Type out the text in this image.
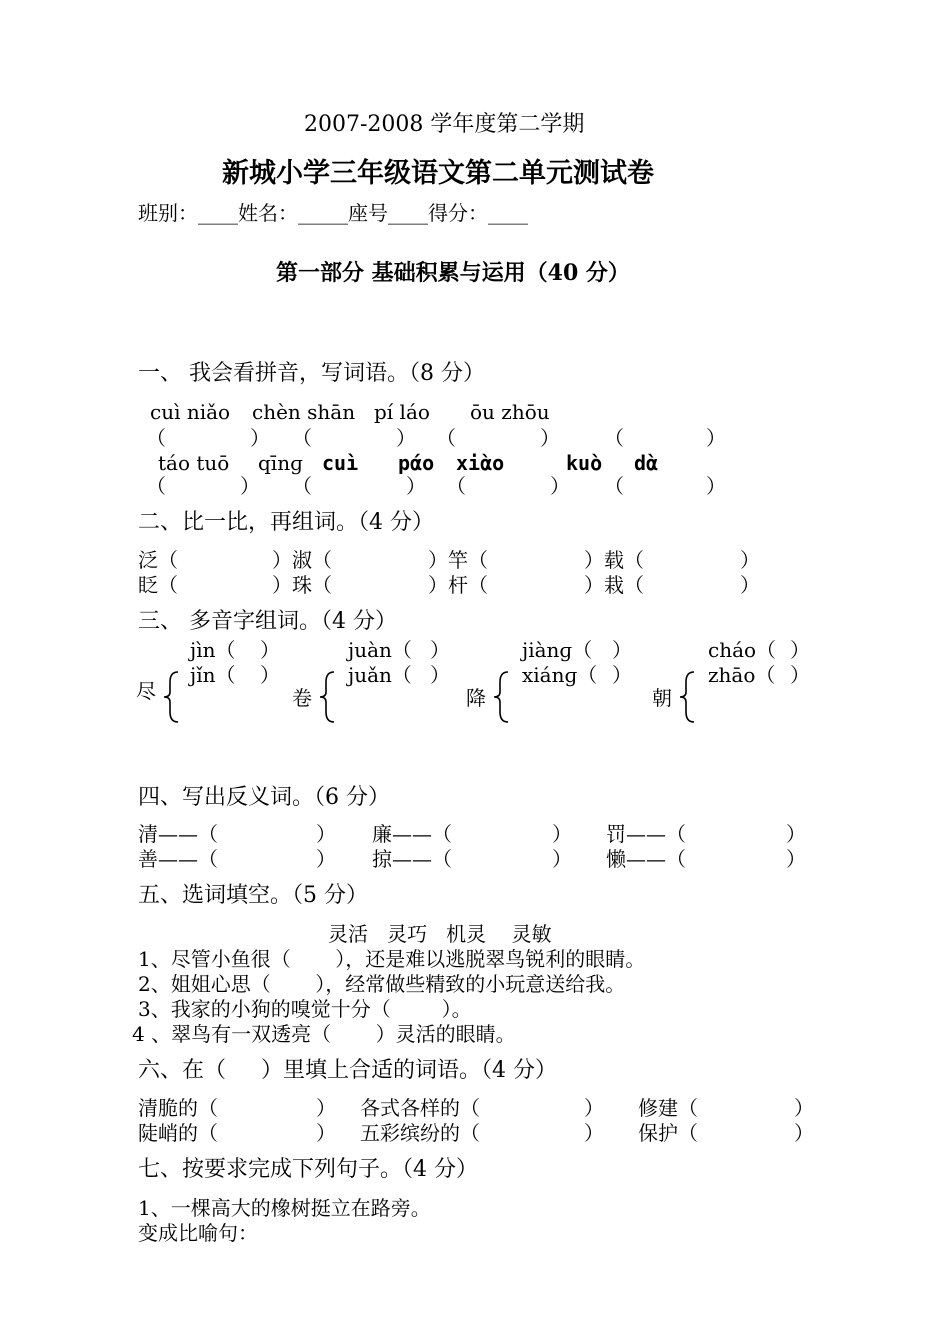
2007-2008 学年度第二学期
新城小学三年级语文第二单元测试卷
班别：____姓名：_____座号____得分：____
第一部分 基础积累与运用（40 分）
一、 我会看拼音，写词语。（8 分）
cuì niǎo chèn shān pí láo ōu zhōu
（	） （	） （	） （	）
táo tuō qīnɡ cuì pάo xiὰo	kuὸ dὰ
（	） （	） （	） （	）
二、比一比，再组词。（4 分）
泛（	）淑（	）竿（	）载（	）
眨（	）珠（	）杆（	）栽（	）
三、 多音字组词。（4 分）
jìn（ ）
jǐn（ ）
尽
juàn（ ）
juǎn（ ）
卷
jiànɡ（ ）
xiánɡ（ ）
降
cháo（ ）
zhāo（ ）
朝
四、写出反义词。（6 分）
清——（	） 廉——（	） 罚——（	）
善——（	） 掠——（	） 懒——（	）
五、选词填空。（5 分）
灵活   灵巧   机灵    灵敏
1、尽管小鱼很（       ），还是难以逃脱翠鸟锐利的眼睛。
2、姐姐心思（       ），经常做些精致的小玩意送给我。
3、我家的小狗的嗅觉十分（        ）。
4 、翠鸟有一双透亮（       ）灵活的眼睛。
六、在（     ）里填上合适的词语。（4 分）
清脆的（	） 各式各样的（	） 修建（	）
陡峭的（	） 五彩缤纷的（	） 保护（	）
七、按要求完成下列句子。（4 分）
1、一棵高大的橡树挺立在路旁。
变成比喻句：
